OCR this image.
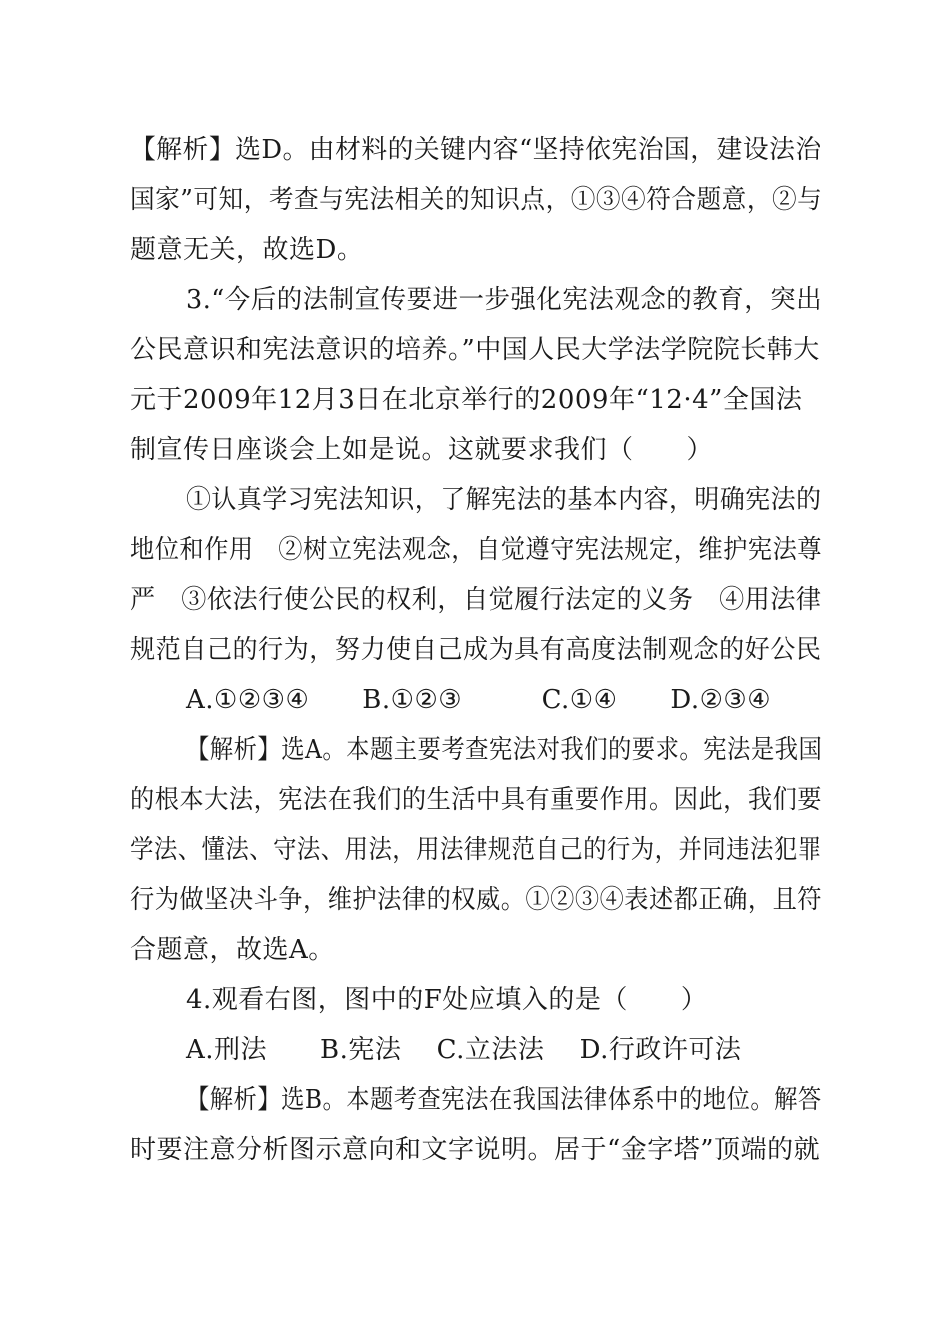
【解析】选D。由材料的关键内容“坚持依宪治国，建设法治
国家”可知，考查与宪法相关的知识点，①③④符合题意，②与
题意无关，故选D。
3.“今后的法制宣传要进一步强化宪法观念的教育，突出
公民意识和宪法意识的培养。”中国人民大学法学院院长韩大
元于2009年12月3日在北京举行的2009年“12·4”全国法
制宣传日座谈会上如是说。这就要求我们（　　）
①认真学习宪法知识，了解宪法的基本内容，明确宪法的
地位和作用　②树立宪法观念，自觉遵守宪法规定，维护宪法尊
严　③依法行使公民的权利，自觉履行法定的义务　④用法律
规范自己的行为，努力使自己成为具有高度法制观念的好公民
A.①②③④　　B.①②③　　　C.①④　　D.②③④
【解析】选A。本题主要考查宪法对我们的要求。宪法是我国
的根本大法，宪法在我们的生活中具有重要作用。因此，我们要
学法、懂法、守法、用法，用法律规范自己的行为，并同违法犯罪
行为做坚决斗争，维护法律的权威。①②③④表述都正确，且符
合题意，故选A。
4.观看右图，图中的F处应填入的是（　　）
A.刑法　　B.宪法　 C.立法法　 D.行政许可法
【解析】选B。本题考查宪法在我国法律体系中的地位。解答
时要注意分析图示意向和文字说明。居于“金字塔”顶端的就
